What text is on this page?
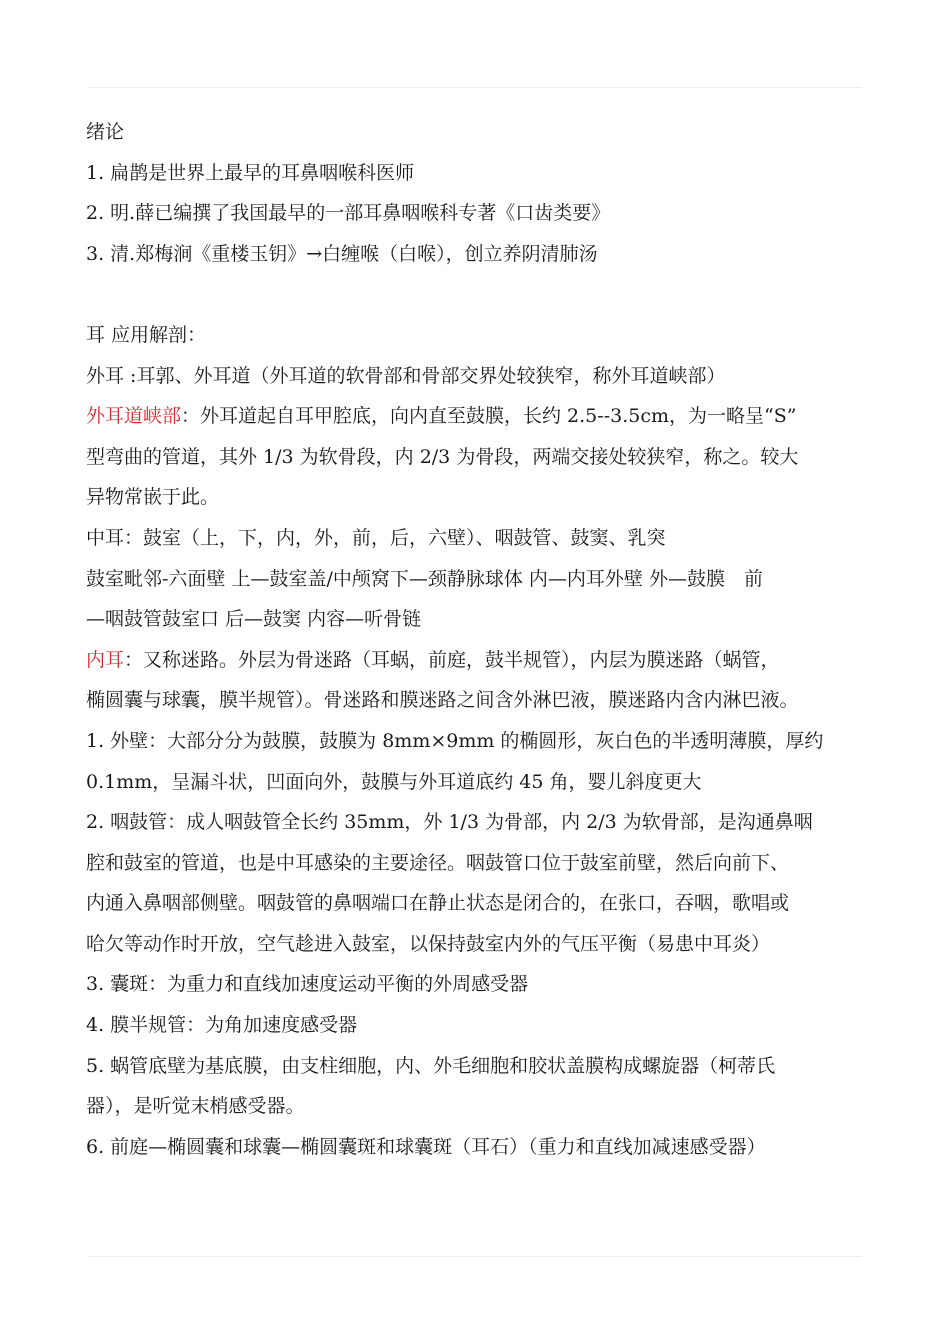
绪论
1. 扁鹊是世界上最早的耳鼻咽喉科医师
2. 明.薛已编撰了我国最早的一部耳鼻咽喉科专著《口齿类要》
3. 清.郑梅涧《重楼玉钥》→白缠喉（白喉），创立养阴清肺汤
耳 应用解剖：
外耳 :耳郭、外耳道（外耳道的软骨部和骨部交界处较狭窄，称外耳道峡部）
外耳道峡部：外耳道起自耳甲腔底，向内直至鼓膜，长约 2.5--3.5cm，为一略呈“S”
型弯曲的管道，其外 1/3 为软骨段，内 2/3 为骨段，两端交接处较狭窄，称之。较大
异物常嵌于此。
中耳：鼓室（上，下，内，外，前，后，六壁）、咽鼓管、鼓窦、乳突
鼓室毗邻-六面壁 上—鼓室盖/中颅窝下—颈静脉球体 内—内耳外壁 外—鼓膜　前
—咽鼓管鼓室口 后—鼓窦 内容—听骨链
内耳：又称迷路。外层为骨迷路（耳蜗，前庭，鼓半规管），内层为膜迷路（蜗管，
椭圆囊与球囊，膜半规管）。骨迷路和膜迷路之间含外淋巴液，膜迷路内含内淋巴液。
1. 外壁：大部分分为鼓膜，鼓膜为 8mm×9mm 的椭圆形，灰白色的半透明薄膜，厚约
0.1mm，呈漏斗状，凹面向外，鼓膜与外耳道底约 45 角，婴儿斜度更大
2. 咽鼓管：成人咽鼓管全长约 35mm，外 1/3 为骨部，内 2/3 为软骨部，是沟通鼻咽
腔和鼓室的管道，也是中耳感染的主要途径。咽鼓管口位于鼓室前壁，然后向前下、
内通入鼻咽部侧壁。咽鼓管的鼻咽端口在静止状态是闭合的，在张口，吞咽，歌唱或
哈欠等动作时开放，空气趁进入鼓室，以保持鼓室内外的气压平衡（易患中耳炎）
3. 囊斑：为重力和直线加速度运动平衡的外周感受器
4. 膜半规管：为角加速度感受器
5. 蜗管底壁为基底膜，由支柱细胞，内、外毛细胞和胶状盖膜构成螺旋器（柯蒂氏
器），是听觉末梢感受器。
6. 前庭—椭圆囊和球囊—椭圆囊斑和球囊斑（耳石）（重力和直线加减速感受器）
